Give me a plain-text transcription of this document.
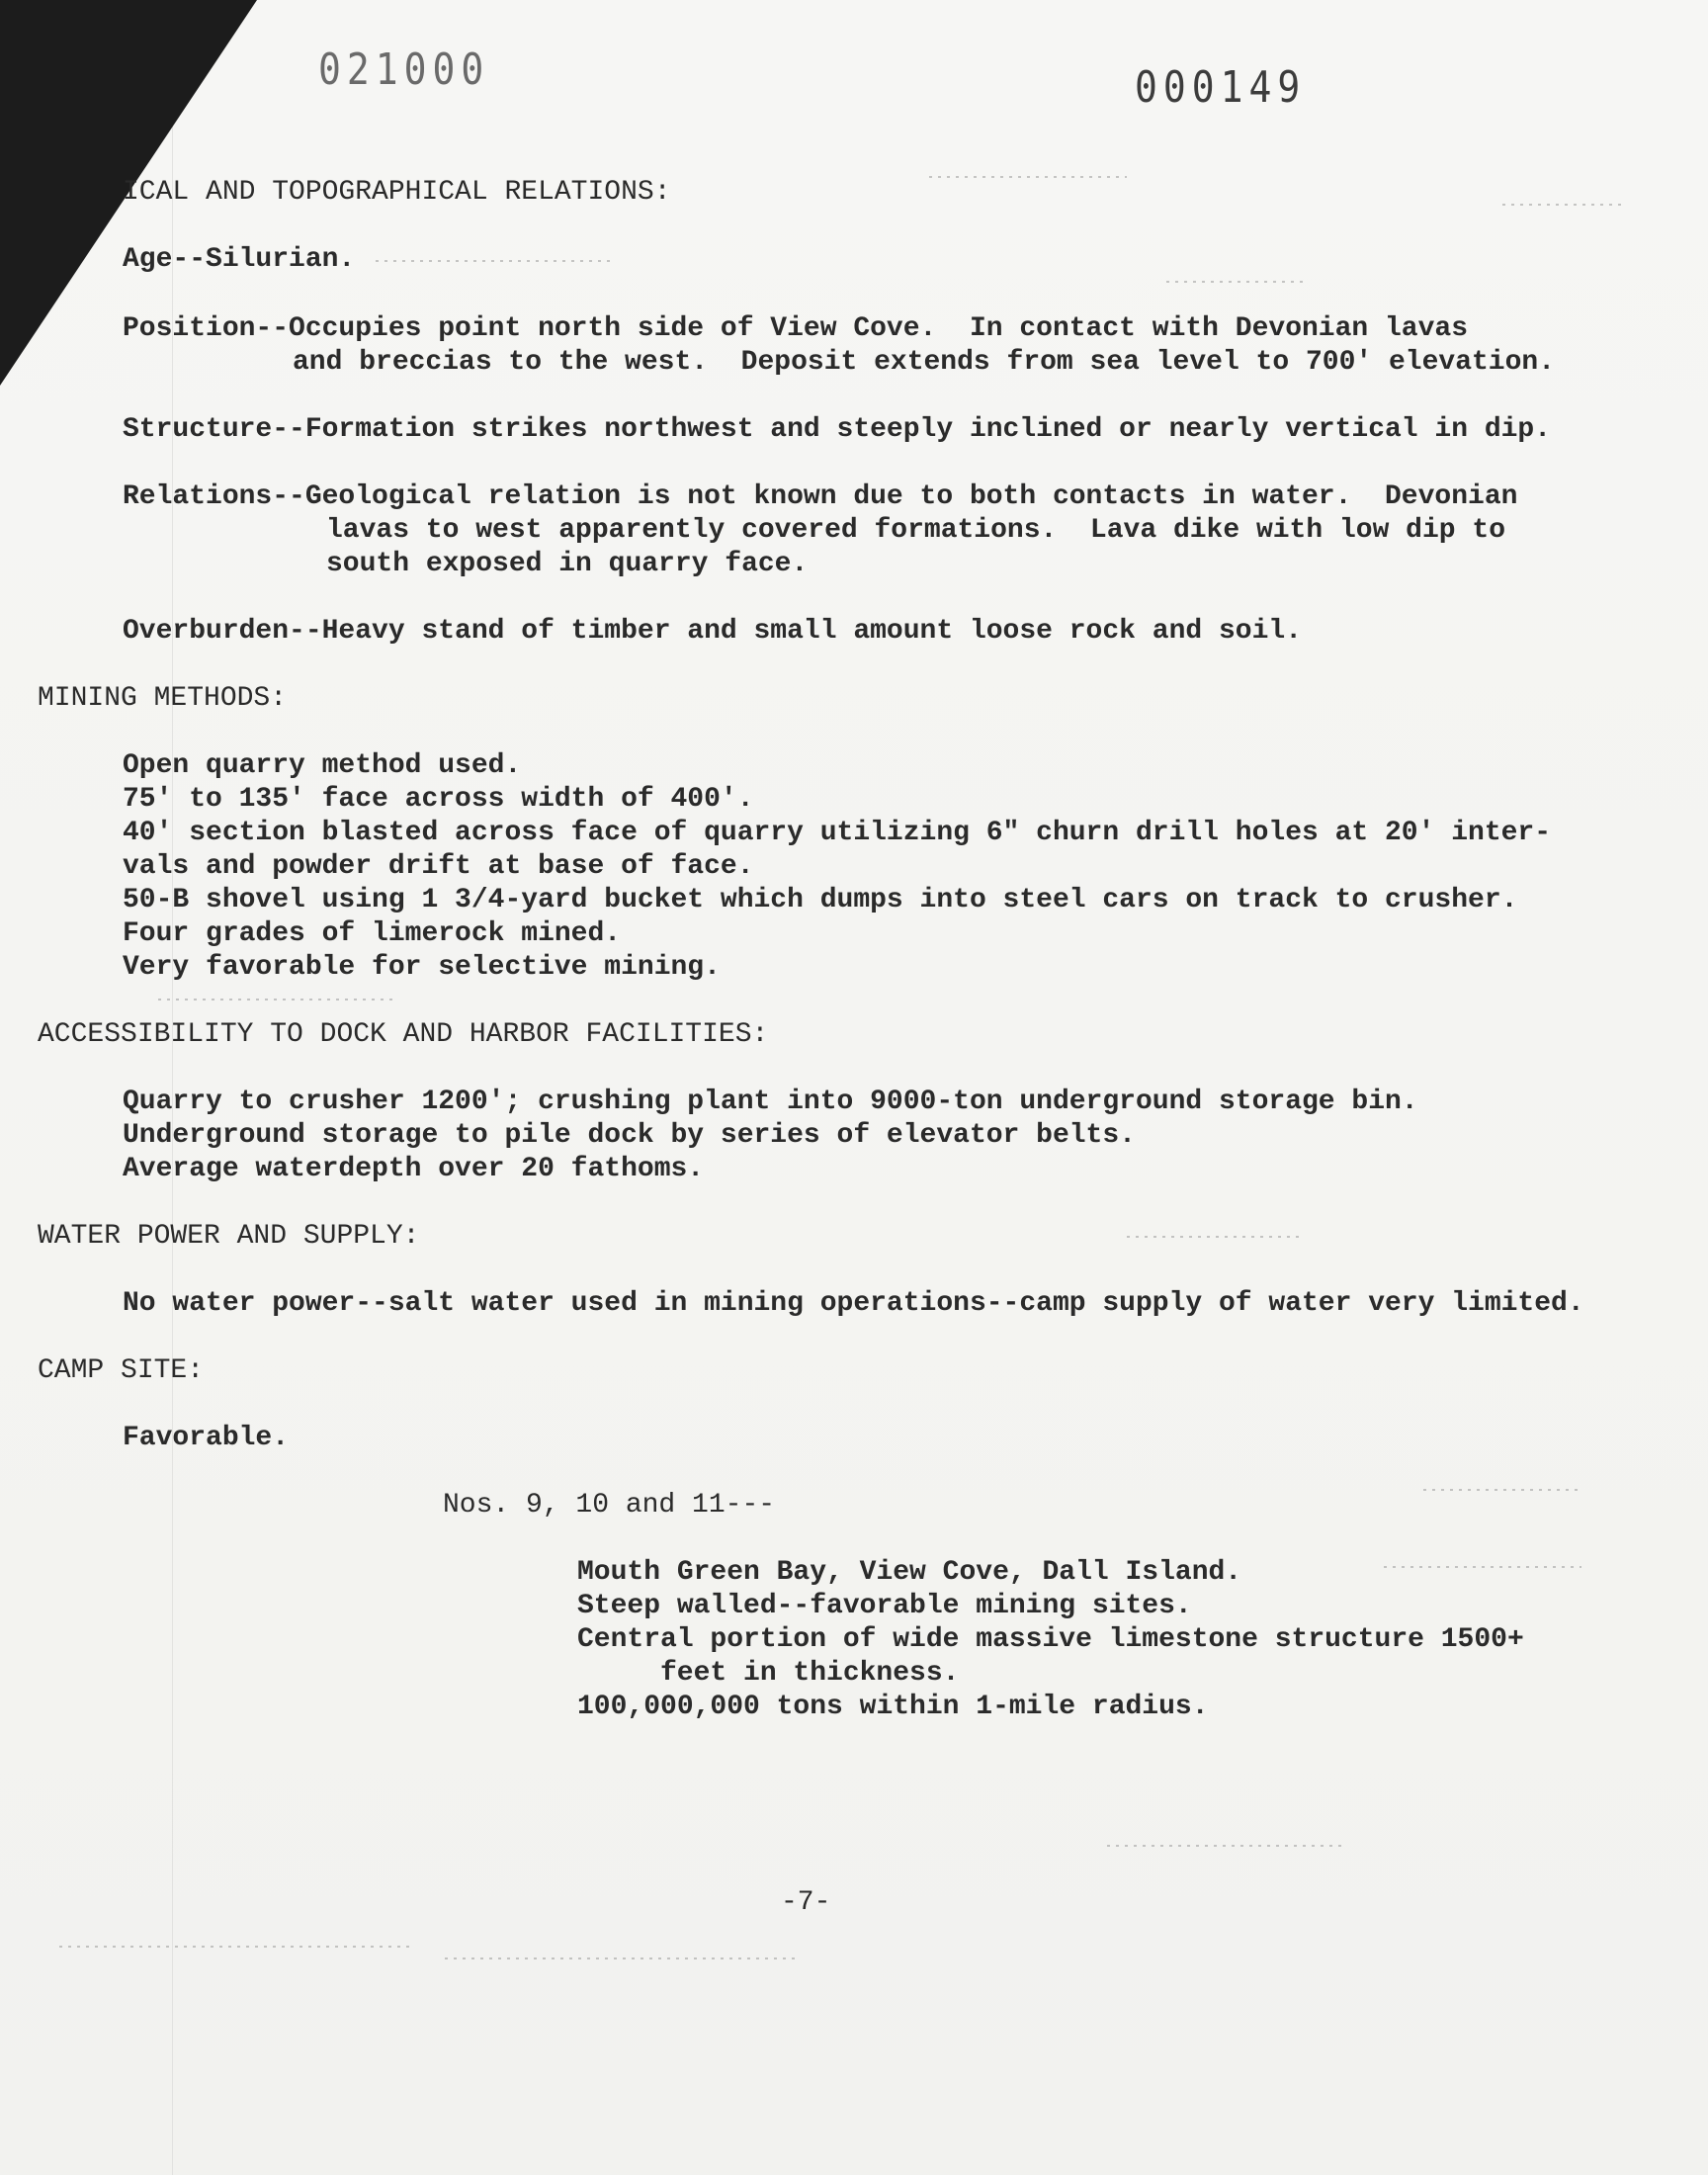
021000	000149
ICAL AND TOPOGRAPHICAL RELATIONS:
Age--Silurian.
Position--Occupies point north side of View Cove.  In contact with Devonian lavas
and breccias to the west.  Deposit extends from sea level to 700' elevation.
Structure--Formation strikes northwest and steeply inclined or nearly vertical in dip.
Relations--Geological relation is not known due to both contacts in water.  Devonian
lavas to west apparently covered formations.  Lava dike with low dip to
south exposed in quarry face.
Overburden--Heavy stand of timber and small amount loose rock and soil.
MINING METHODS:
Open quarry method used.
75' to 135' face across width of 400'.
40' section blasted across face of quarry utilizing 6" churn drill holes at 20' inter-
vals and powder drift at base of face.
50-B shovel using 1 3/4-yard bucket which dumps into steel cars on track to crusher.
Four grades of limerock mined.
Very favorable for selective mining.
ACCESSIBILITY TO DOCK AND HARBOR FACILITIES:
Quarry to crusher 1200'; crushing plant into 9000-ton underground storage bin.
Underground storage to pile dock by series of elevator belts.
Average waterdepth over 20 fathoms.
WATER POWER AND SUPPLY:
No water power--salt water used in mining operations--camp supply of water very limited.
CAMP SITE:
Favorable.
Nos. 9, 10 and 11---
Mouth Green Bay, View Cove, Dall Island.
Steep walled--favorable mining sites.
Central portion of wide massive limestone structure 1500+
feet in thickness.
100,000,000 tons within 1-mile radius.
-7-
